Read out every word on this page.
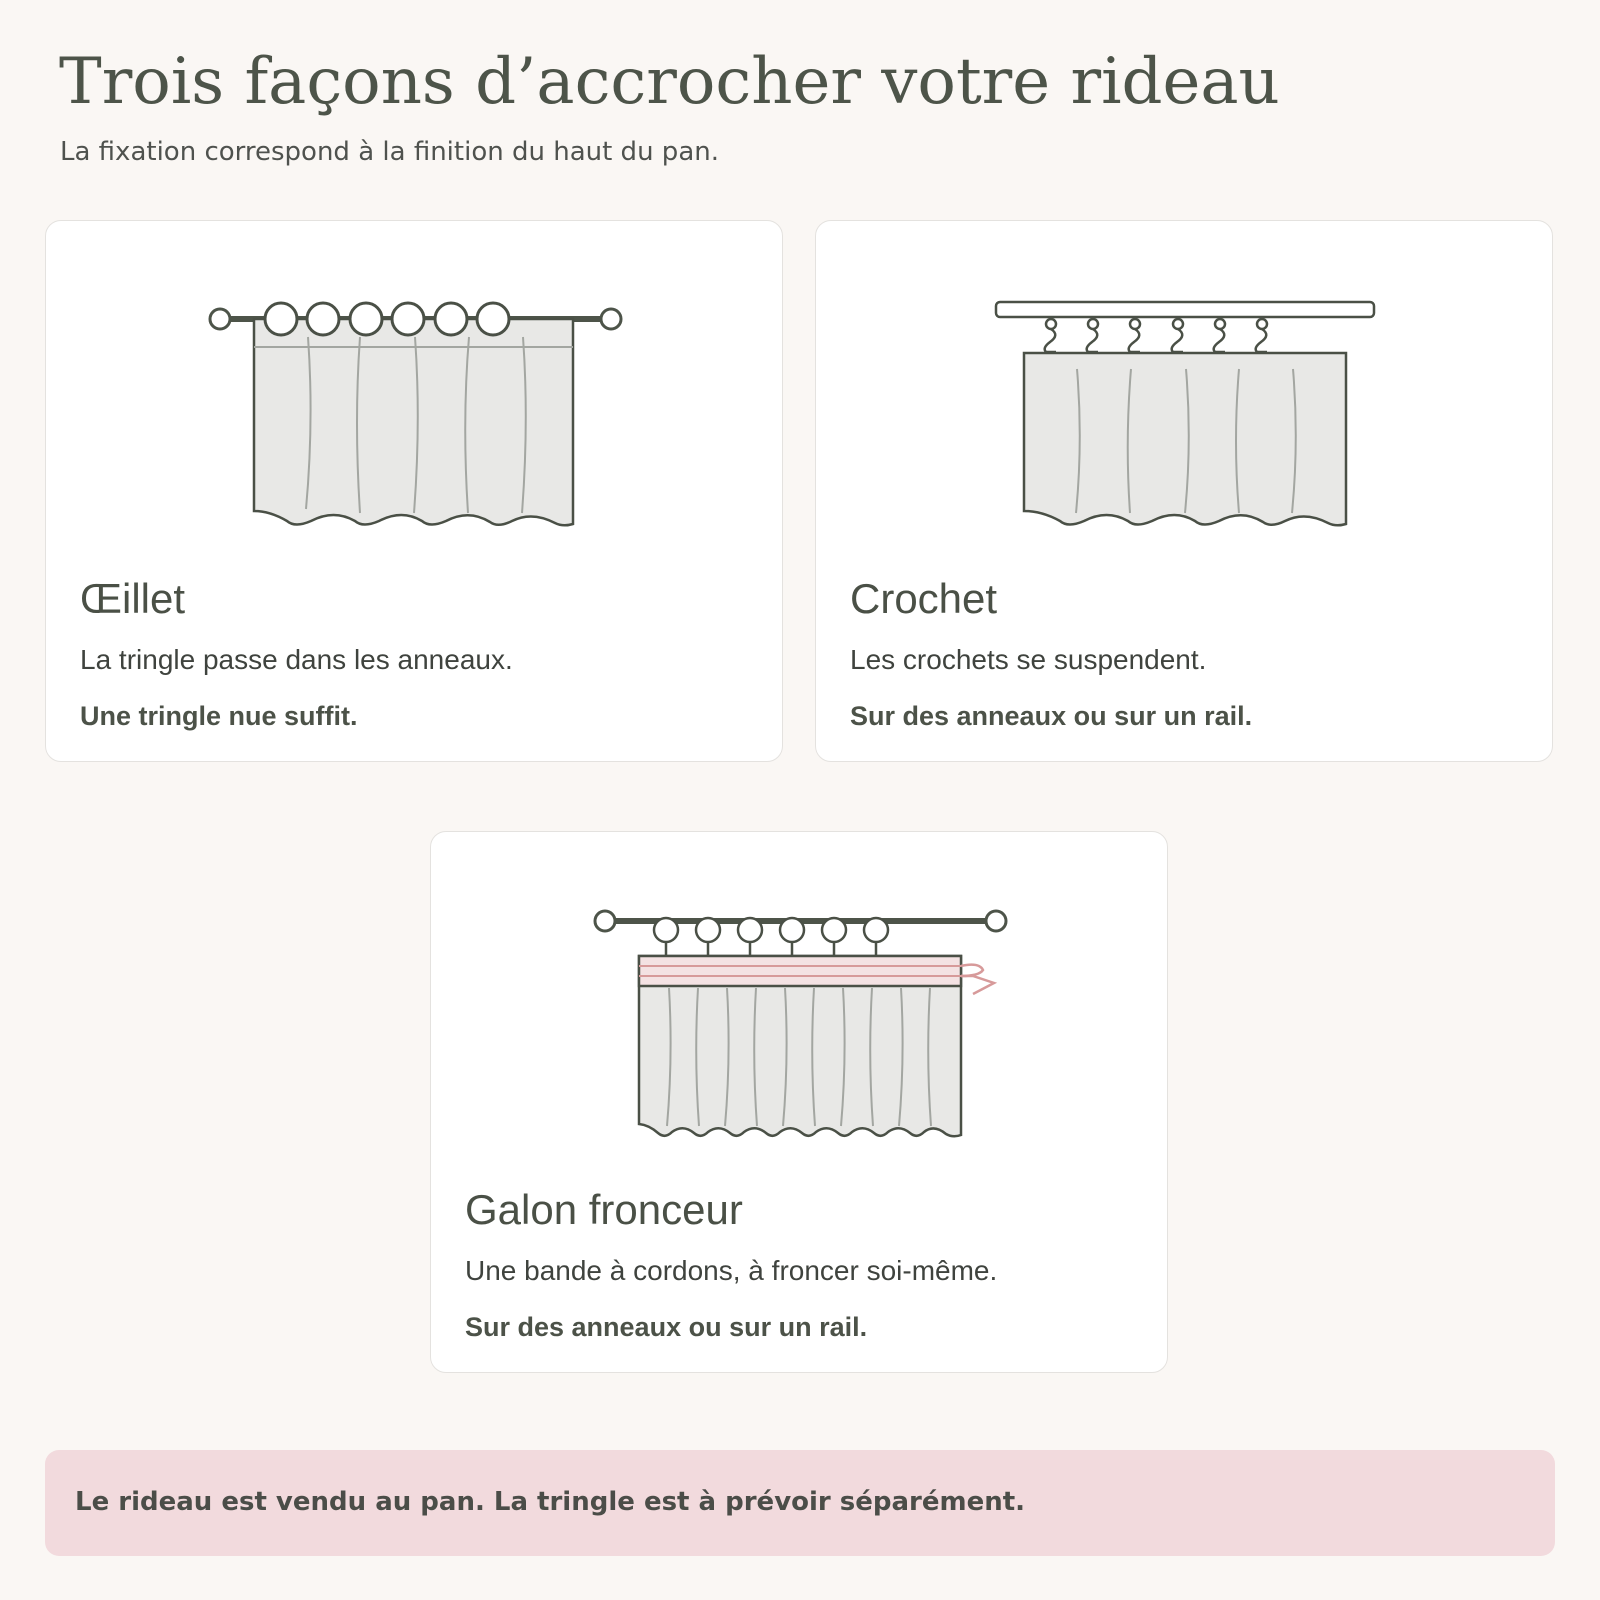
Trois façons d’accrocher votre rideau

La fixation correspond à la finition du haut du pan.

Œillet

La tringle passe dans les anneaux.

Une tringle nue suffit.

Crochet

Les crochets se suspendent.

Sur des anneaux ou sur un rail.

Galon fronceur

Une bande à cordons, à froncer soi-même.

Sur des anneaux ou sur un rail.

Le rideau est vendu au pan. La tringle est à prévoir séparément.
